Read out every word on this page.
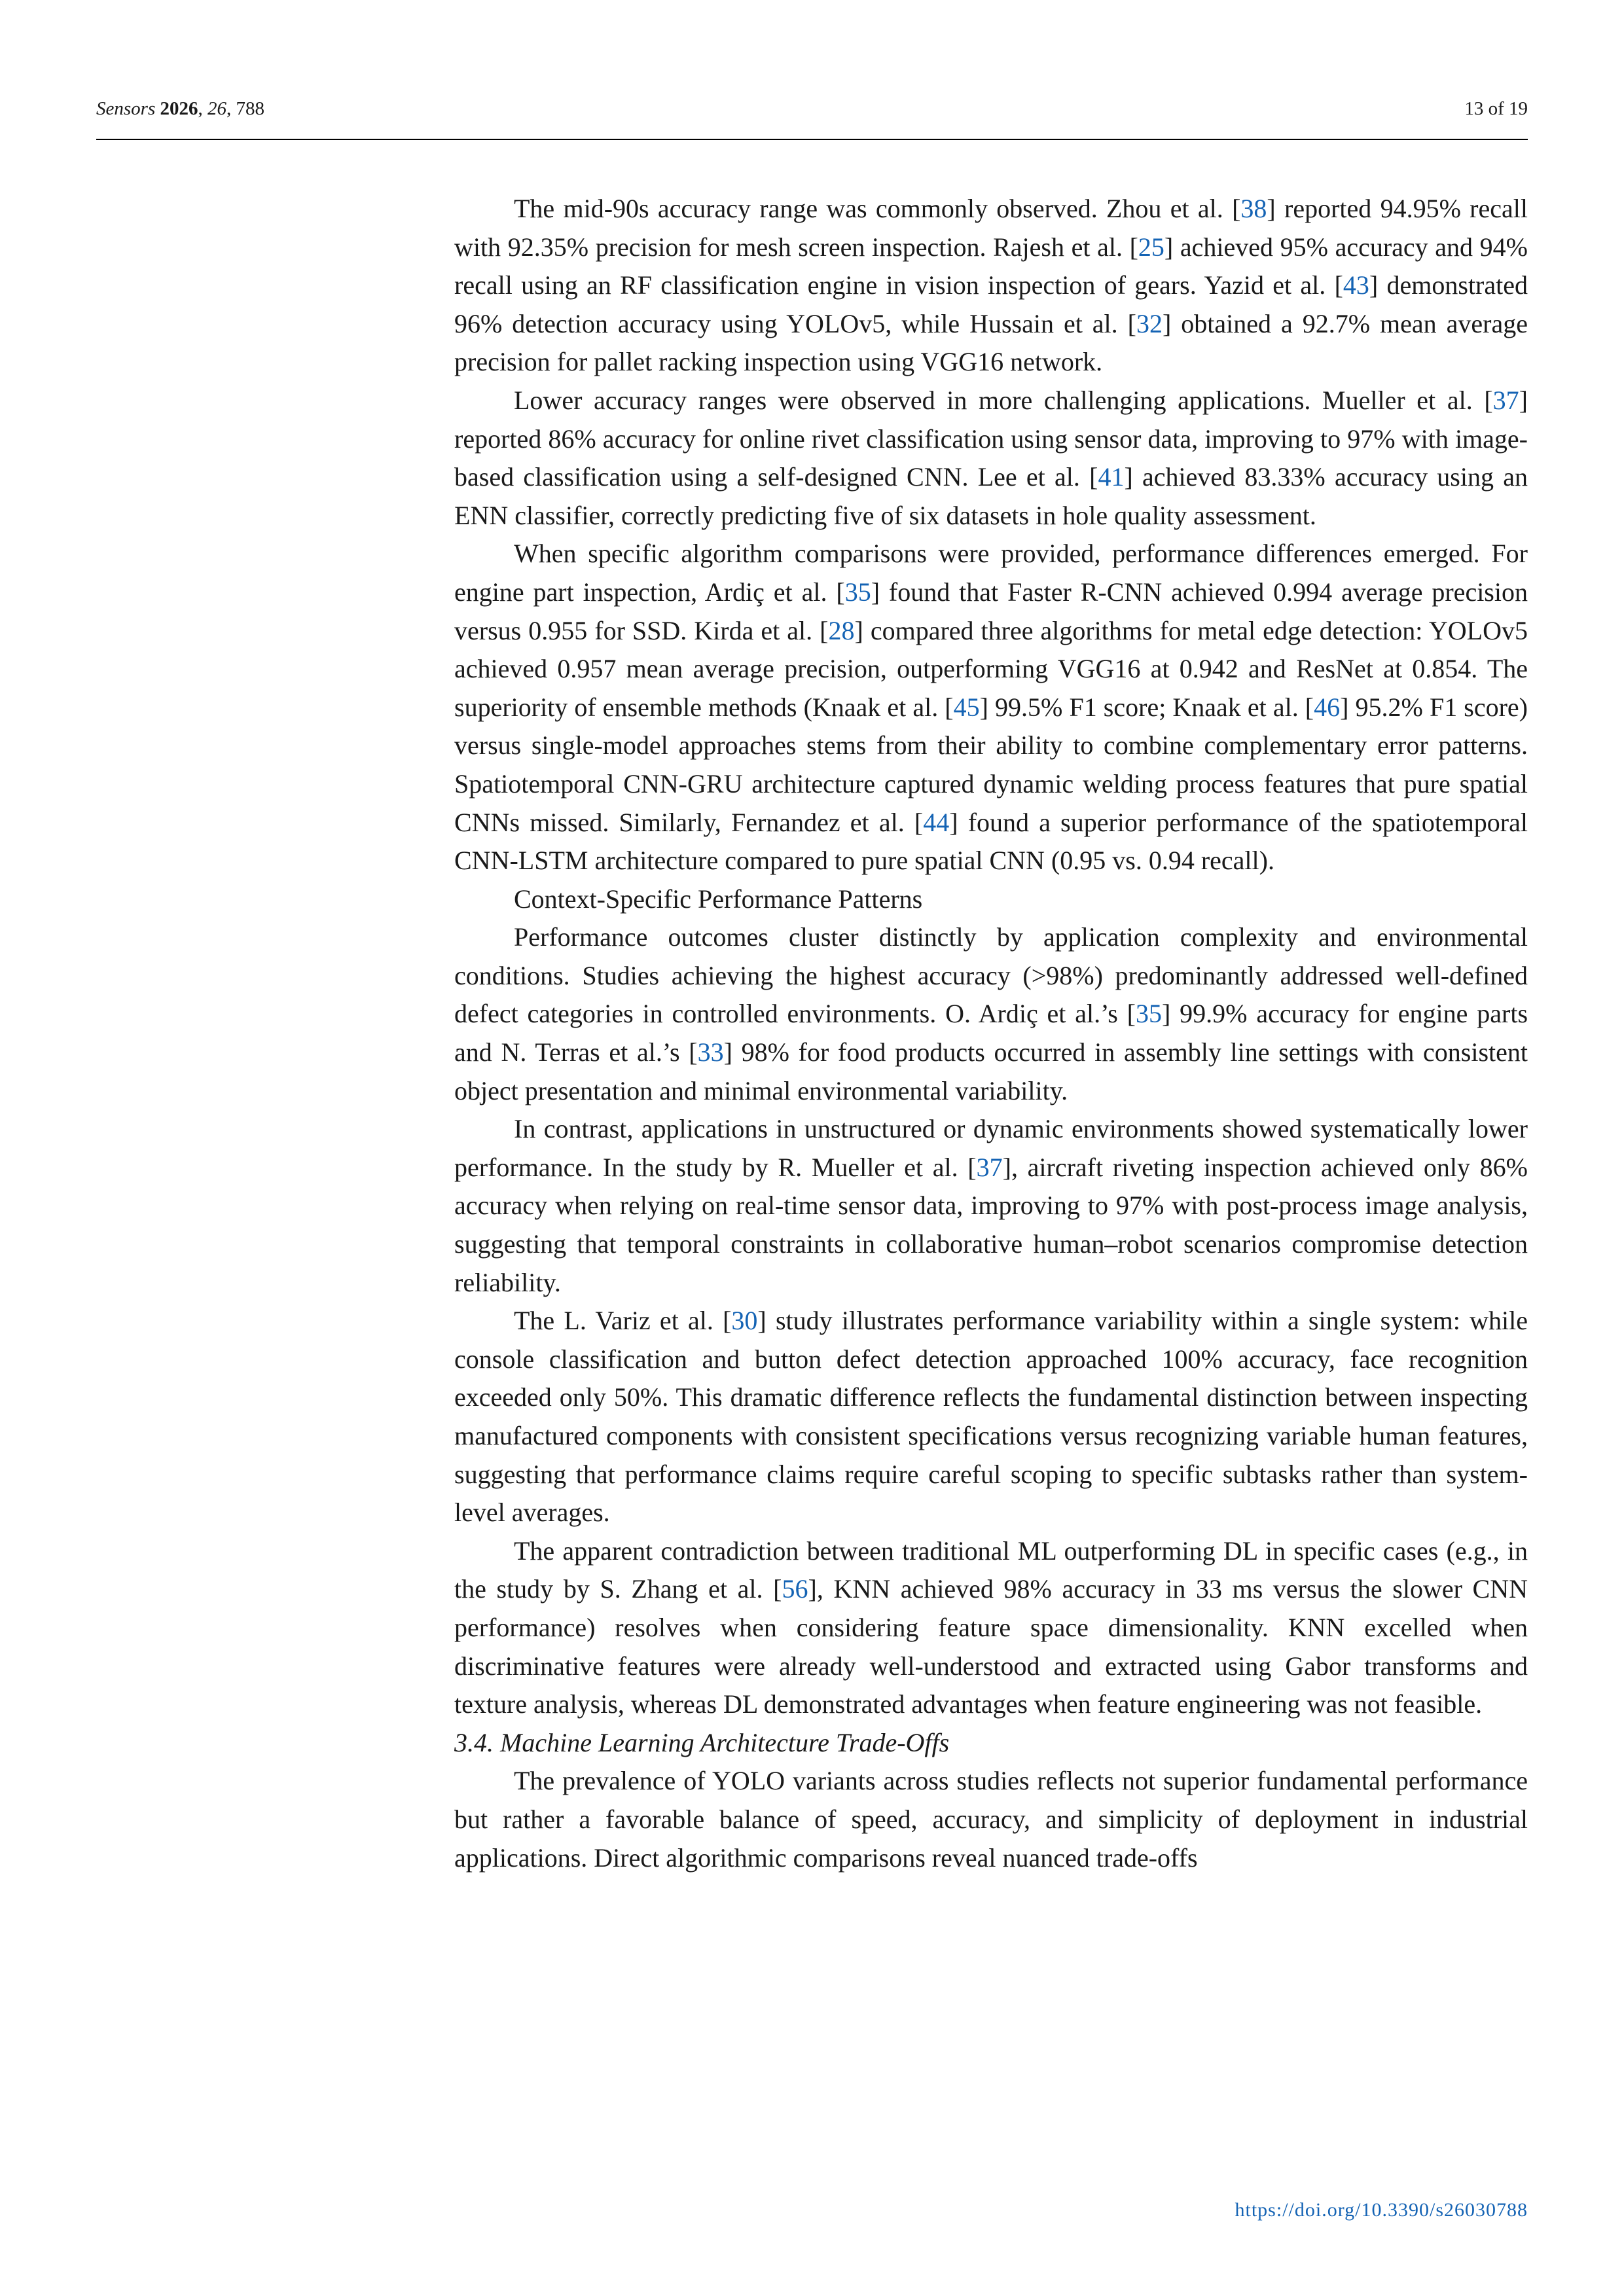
Sensors 2026, 26, 788	13 of 19

The mid-90s accuracy range was commonly observed. Zhou et al. [38] reported 94.95% recall with 92.35% precision for mesh screen inspection. Rajesh et al. [25] achieved 95% accuracy and 94% recall using an RF classification engine in vision inspection of gears. Yazid et al. [43] demonstrated 96% detection accuracy using YOLOv5, while Hussain et al. [32] obtained a 92.7% mean average precision for pallet racking inspection using VGG16 network.

Lower accuracy ranges were observed in more challenging applications. Mueller et al. [37] reported 86% accuracy for online rivet classification using sensor data, improving to 97% with image-based classification using a self-designed CNN. Lee et al. [41] achieved 83.33% accuracy using an ENN classifier, correctly predicting five of six datasets in hole quality assessment.

When specific algorithm comparisons were provided, performance differences emerged. For engine part inspection, Ardiç et al. [35] found that Faster R-CNN achieved 0.994 average precision versus 0.955 for SSD. Kirda et al. [28] compared three algorithms for metal edge detection: YOLOv5 achieved 0.957 mean average precision, outperforming VGG16 at 0.942 and ResNet at 0.854. The superiority of ensemble methods (Knaak et al. [45] 99.5% F1 score; Knaak et al. [46] 95.2% F1 score) versus single-model approaches stems from their ability to combine complementary error patterns. Spatiotemporal CNN-GRU architecture captured dynamic welding process features that pure spatial CNNs missed. Similarly, Fernandez et al. [44] found a superior performance of the spatiotemporal CNN-LSTM architecture compared to pure spatial CNN (0.95 vs. 0.94 recall).

Context-Specific Performance Patterns

Performance outcomes cluster distinctly by application complexity and environmental conditions. Studies achieving the highest accuracy (>98%) predominantly addressed well-defined defect categories in controlled environments. O. Ardiç et al.’s [35] 99.9% accuracy for engine parts and N. Terras et al.’s [33] 98% for food products occurred in assembly line settings with consistent object presentation and minimal environmental variability.

In contrast, applications in unstructured or dynamic environments showed systematically lower performance. In the study by R. Mueller et al. [37], aircraft riveting inspection achieved only 86% accuracy when relying on real-time sensor data, improving to 97% with post-process image analysis, suggesting that temporal constraints in collaborative human–robot scenarios compromise detection reliability.

The L. Variz et al. [30] study illustrates performance variability within a single system: while console classification and button defect detection approached 100% accuracy, face recognition exceeded only 50%. This dramatic difference reflects the fundamental distinction between inspecting manufactured components with consistent specifications versus recognizing variable human features, suggesting that performance claims require careful scoping to specific subtasks rather than system-level averages.

The apparent contradiction between traditional ML outperforming DL in specific cases (e.g., in the study by S. Zhang et al. [56], KNN achieved 98% accuracy in 33 ms versus the slower CNN performance) resolves when considering feature space dimensionality. KNN excelled when discriminative features were already well-understood and extracted using Gabor transforms and texture analysis, whereas DL demonstrated advantages when feature engineering was not feasible.

3.4. Machine Learning Architecture Trade-Offs

The prevalence of YOLO variants across studies reflects not superior fundamental performance but rather a favorable balance of speed, accuracy, and simplicity of deployment in industrial applications. Direct algorithmic comparisons reveal nuanced trade-offs

https://doi.org/10.3390/s26030788
